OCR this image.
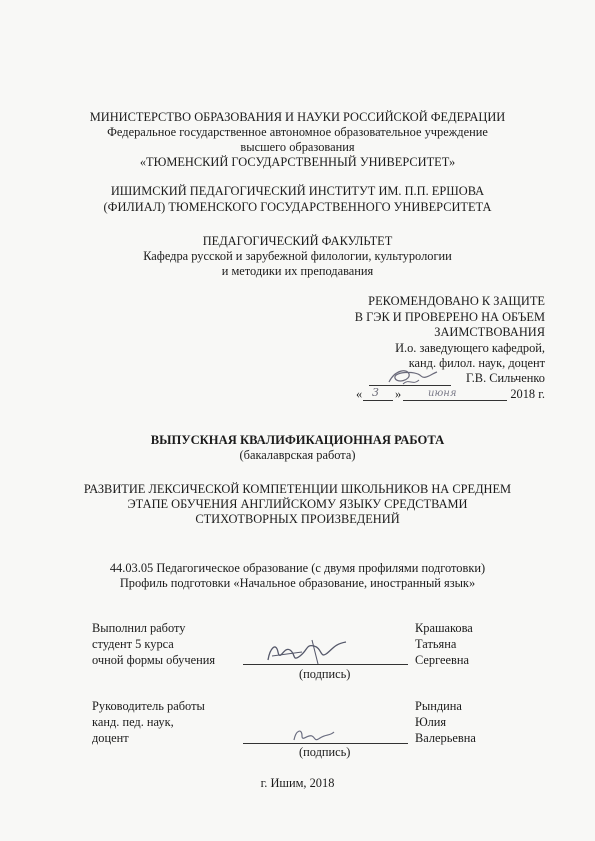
МИНИСТЕРСТВО ОБРАЗОВАНИЯ И НАУКИ РОССИЙСКОЙ ФЕДЕРАЦИИ
Федеральное государственное автономное образовательное учреждение
высшего образования
«ТЮМЕНСКИЙ ГОСУДАРСТВЕННЫЙ УНИВЕРСИТЕТ»
ИШИМСКИЙ ПЕДАГОГИЧЕСКИЙ ИНСТИТУТ ИМ. П.П. ЕРШОВА
(ФИЛИАЛ) ТЮМЕНСКОГО ГОСУДАРСТВЕННОГО УНИВЕРСИТЕТА
ПЕДАГОГИЧЕСКИЙ ФАКУЛЬТЕТ
Кафедра русской и зарубежной филологии, культурологии
и методики их преподавания
РЕКОМЕНДОВАНО К ЗАЩИТЕ
В ГЭК И ПРОВЕРЕНО НА ОБЪЕМ
ЗАИМСТВОВАНИЯ
И.о. заведующего кафедрой,
канд. филол. наук, доцент
Г.В. Сильченко
« 3 »	июня	2018 г.
ВЫПУСКНАЯ КВАЛИФИКАЦИОННАЯ РАБОТА
(бакалаврская работа)
РАЗВИТИЕ ЛЕКСИЧЕСКОЙ КОМПЕТЕНЦИИ ШКОЛЬНИКОВ НА СРЕДНЕМ
ЭТАПЕ ОБУЧЕНИЯ АНГЛИЙСКОМУ ЯЗЫКУ СРЕДСТВАМИ
СТИХОТВОРНЫХ ПРОИЗВЕДЕНИЙ
44.03.05 Педагогическое образование (с двумя профилями подготовки)
Профиль подготовки «Начальное образование, иностранный язык»
Выполнил работу
студент 5 курса
очной формы обучения
(подпись)
Крашакова
Татьяна
Сергеевна
Руководитель работы
канд. пед. наук,
доцент
(подпись)
Рындина
Юлия
Валерьевна
г. Ишим, 2018
